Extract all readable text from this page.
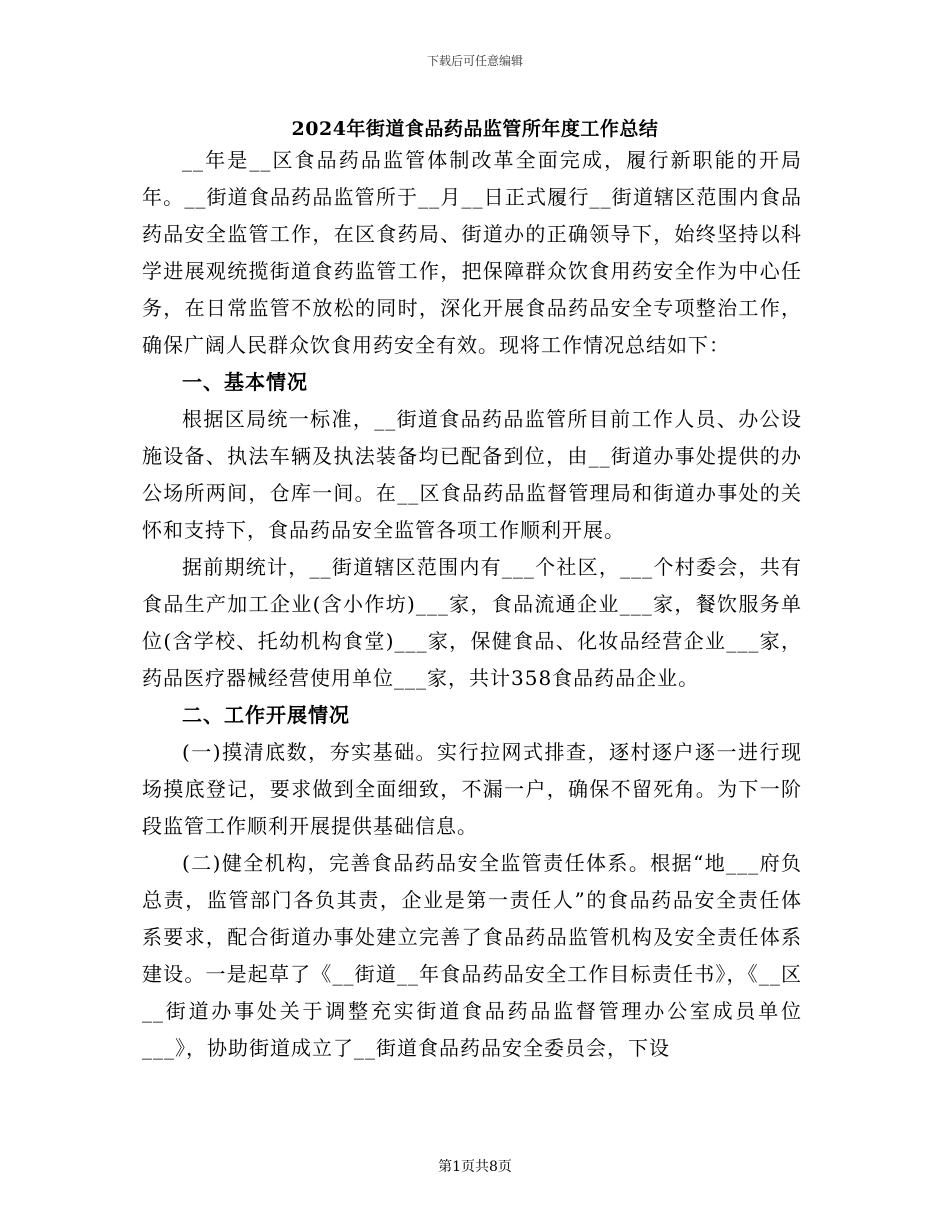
下载后可任意编辑
2024年街道食品药品监管所年度工作总结

__年是__区食品药品监管体制改革全面完成，履行新职能的开局年。__街道食品药品监管所于__月__日正式履行__街道辖区范围内食品药品安全监管工作，在区食药局、街道办的正确领导下，始终坚持以科学进展观统揽街道食药监管工作，把保障群众饮食用药安全作为中心任务，在日常监管不放松的同时，深化开展食品药品安全专项整治工作，确保广阔人民群众饮食用药安全有效。现将工作情况总结如下：

一、基本情况

根据区局统一标准，__街道食品药品监管所目前工作人员、办公设施设备、执法车辆及执法装备均已配备到位，由__街道办事处提供的办公场所两间，仓库一间。在__区食品药品监督管理局和街道办事处的关怀和支持下，食品药品安全监管各项工作顺利开展。

据前期统计，__街道辖区范围内有___个社区，___个村委会，共有食品生产加工企业(含小作坊)___家，食品流通企业___家，餐饮服务单位(含学校、托幼机构食堂)___家，保健食品、化妆品经营企业___家，药品医疗器械经营使用单位___家，共计358食品药品企业。

二、工作开展情况

(一)摸清底数，夯实基础。实行拉网式排查，逐村逐户逐一进行现场摸底登记，要求做到全面细致，不漏一户，确保不留死角。为下一阶段监管工作顺利开展提供基础信息。

(二)健全机构，完善食品药品安全监管责任体系。根据“地___府负总责，监管部门各负其责，企业是第一责任人”的食品药品安全责任体系要求，配合街道办事处建立完善了食品药品监管机构及安全责任体系建设。一是起草了《__街道__年食品药品安全工作目标责任书》，《__区__街道办事处关于调整充实街道食品药品监督管理办公室成员单位___》，协助街道成立了__街道食品药品安全委员会，下设

第1页共8页
